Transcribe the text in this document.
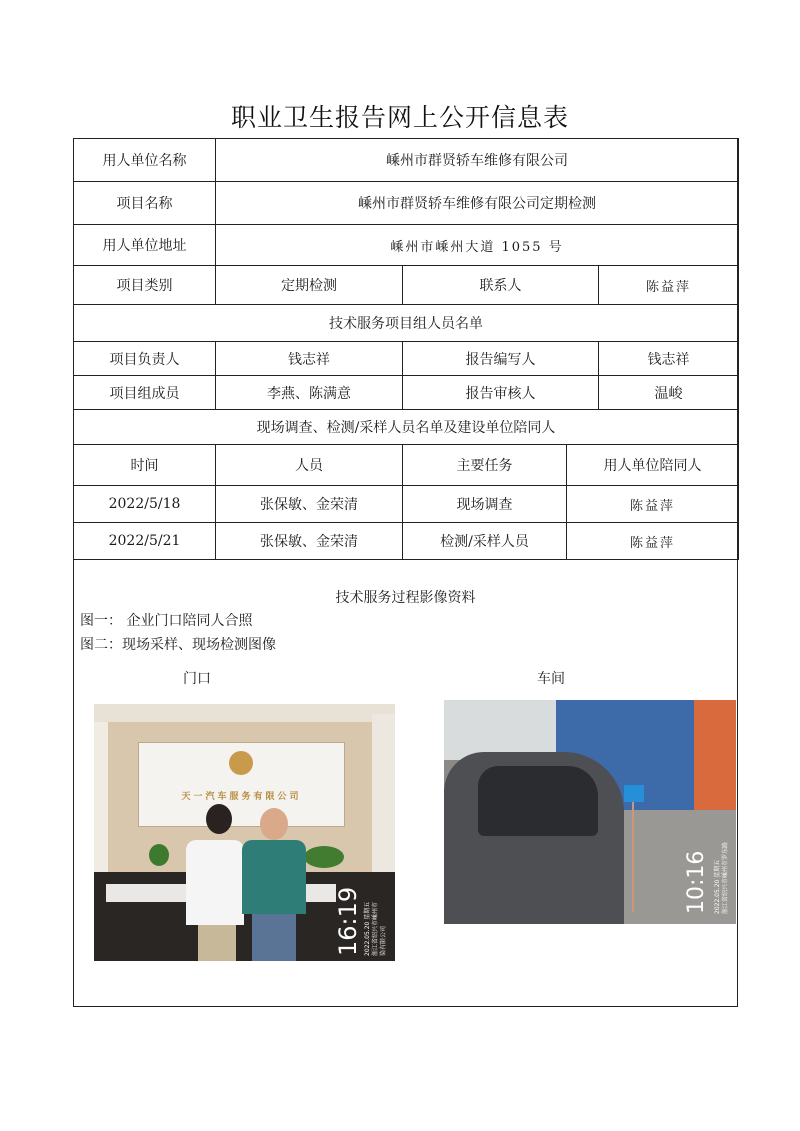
职业卫生报告网上公开信息表
用人单位名称	嵊州市群贤轿车维修有限公司			
项目名称	嵊州市群贤轿车维修有限公司定期检测			
用人单位地址	嵊州市嵊州大道 1055 号			
项目类别	定期检测	联系人		陈益萍
技术服务项目组人员名单				
项目负责人	钱志祥	报告编写人		钱志祥
项目组成员	李燕、陈满意	报告审核人		温峻
现场调查、检测/采样人员名单及建设单位陪同人				
时间	人员	主要任务	用人单位陪同人	
2022/5/18	张保敏、金荣清	现场调查	陈益萍	
2022/5/21	张保敏、金荣清	检测/采样人员	陈益萍	
技术服务过程影像资料
图一： 企业门口陪同人合照
图二：现场采样、现场检测图像
门口	车间
天一汽车服务有限公司
16:19 2022.05.20 星期五 浙江省绍兴市嵊州市 染有限公司
10:16 2022.05.20 星期五 浙江省绍兴市嵊州市罗东路
